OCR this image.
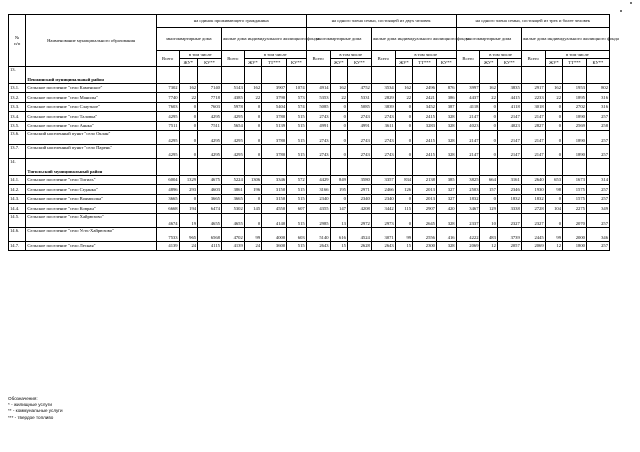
№
п/п	Наименование муниципального образования	на одинок проживающего гражданина							на одного члена семьи, состоящей из двух человек							на одного члена семьи, состоящей из трех и более человек						
		многоквартирные дома			жилые дома индивидуального жилищного фонда				многоквартирные дома			жилые дома индивидуального жилищного фонда				многоквартирные дома			жилые дома индивидуального жилищного фонда			
		Всего	в том числе		Всего	в том числе			Всего	в том числе		Всего	в том числе			Всего	в том числе		Всего	в том числе		
			ЖУ*	КУ**		ЖУ*	ТТ***	КУ**		ЖУ*	КУ**		ЖУ*	ТТ***	КУ**		ЖУ*	КУ**		ЖУ*	ТТ***	КУ**
13.	Пенжинский муниципальный район																					
13.1.	Сельское поселение "село Каменское"	7302	162	7140	5143	162	3907	1074	4914	162	4752	3534	162	2496	876	3997	162	3835	2917	162	1953	802
13.2.	Сельское поселение "село Манилы"	7740	22	7718	4385	22	3790	573	5353	22	5331	2829	22	2421	386	4437	22	4415	2233	22	1895	316
13.3.	Сельское поселение "село Слаутное"	7603	0	7603	5978	0	5404	574	5085	0	5085	3839	0	3452	387	4118	0	4118	3018	0	2702	316
13.4.	Сельское поселение "село Таловка"	4295	0	4295	4295	0	3780	515	2743	0	2743	2743	0	2415	328	2147	0	2147	2147	0	1890	257
13.5.	Сельское поселение "село Аянка"	7511	0	7511	5654	0	5139	515	4991	0	4991	3611	0	3283	328	4023	0	4023	2827	0	2569	258
13.6.	Сельский населенный пункт "село Оклан"	4295	0	4295	4295	0	3780	515	2743	0	2743	2743	0	2415	328	2147	0	2147	2147	0	1890	257
13.7.	Сельский населенный пункт "село Парень"	4295	0	4295	4295	0	3780	515	2743	0	2743	2743	0	2415	328	2147	0	2147	2147	0	1890	257
14.	Тигильский муниципальный район																					
14.1.	Сельское поселение "село Тигиль"	6004	1329	4675	5224	1306	3346	572	4429	849	3580	3357	834	2138	385	3825	664	3161	2640	653	1673	314
14.2.	Сельское поселение "село Седанка"	4896	293	4603	3861	196	3150	515	3166	195	2971	2466	126	2013	327	2503	157	2346	1930	98	1575	257
14.3.	Сельское поселение "село Воямполка"	3665	0	3665	3665	0	3150	515	2340	0	2340	2340	0	2013	327	1832	0	1832	1832	0	1575	257
14.4.	Сельское поселение "село Ковран"	6668	194	6474	5302	145	4550	607	4355	147	4208	3442	115	2907	420	3467	129	3338	2728	104	2275	349
14.5.	Сельское поселение "село Хайрюзово"	4674	19	4655	4655	0	4140	515	2985	13	2972	2973	0	2645	328	2337	10	2327	2327	0	2070	257
14.6.	Сельское поселение "село Усть-Хайрюзово"	7533	965	6568	4702	99	4000	603	5140	616	4524	3071	99	2556	416	4222	483	3739	2445	99	2000	346
14.7.	Сельское поселение "село Лесная"	4139	24	4115	4139	24	3600	515	2643	15	2628	2643	15	2300	328	2069	12	2057	2069	12	1800	257
Обозначения:
* - жилищные услуги
** - коммунальные услуги
*** - твердое топливо
